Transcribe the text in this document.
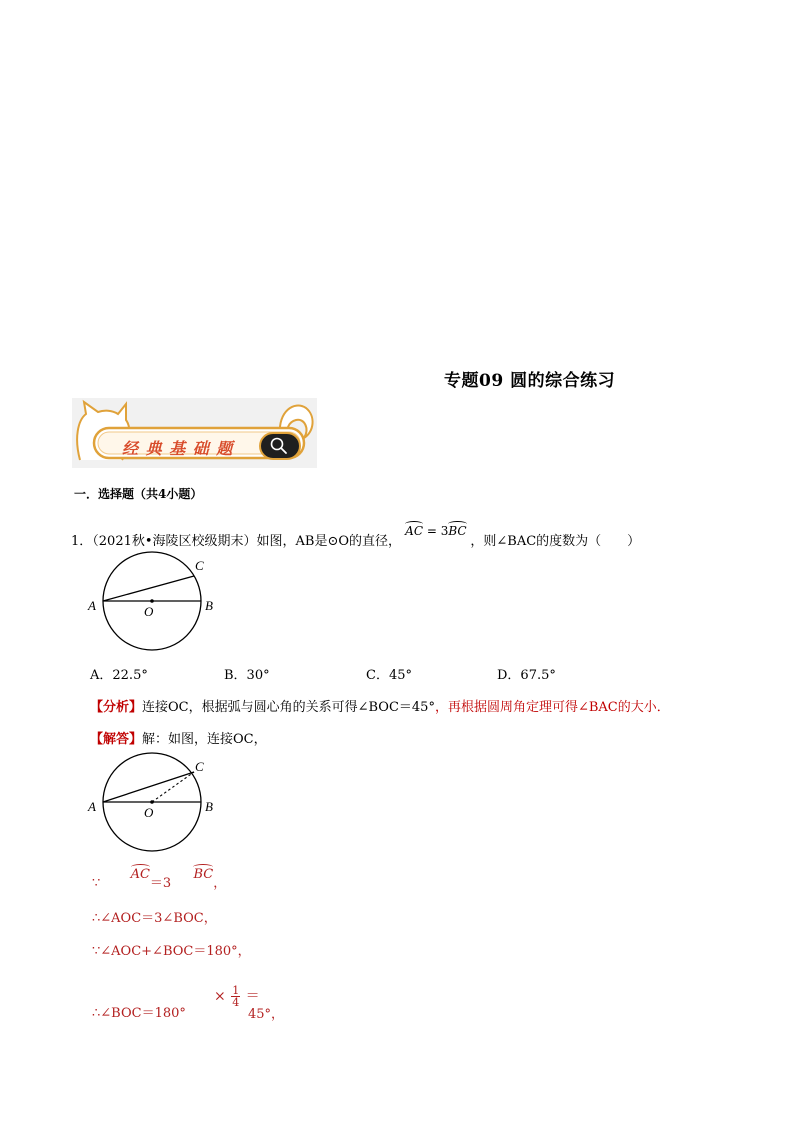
专题09 圆的综合练习
经 典 基 础 题
一．选择题（共4小题）
1．（2021秋•海陵区校级期末）如图，AB是⊙O的直径， AC = 3BC ，则∠BAC的度数为（　　）
A	B
C
O
A．22.5°	B．30°	C．45°	D．67.5°
【分析】连接OC，根据弧与圆心角的关系可得∠BOC＝45°，再根据圆周角定理可得∠BAC的大小．
【解答】解：如图，连接OC，
A	B
C
O
∵  AC＝3  BC，
∴∠AOC＝3∠BOC，
∵∠AOC+∠BOC＝180°，
∴∠BOC＝180°
× $\frac{1}{4}$ ＝
45°，
